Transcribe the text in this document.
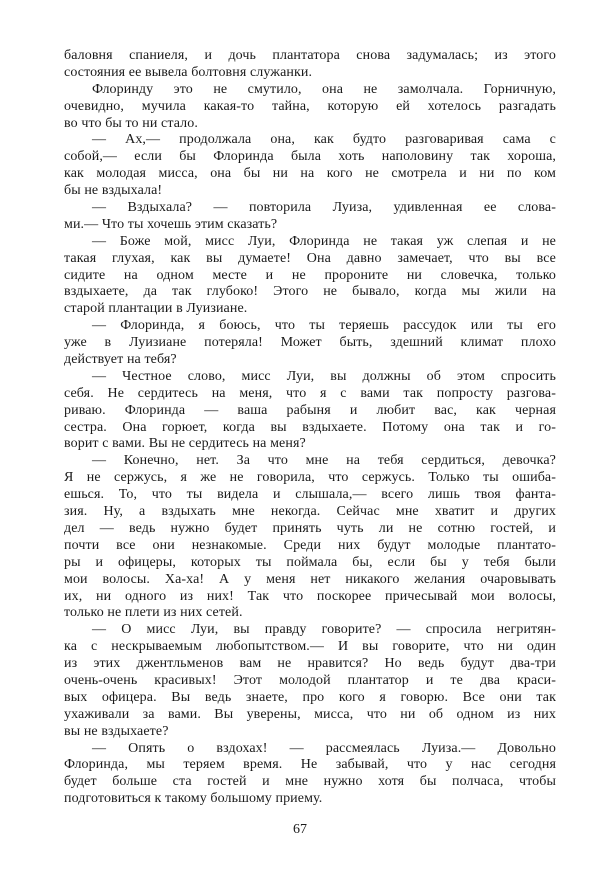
баловня спаниеля, и дочь плантатора снова задумалась; из этого
состояния ее вывела болтовня служанки.
Флоринду это не смутило, она не замолчала. Горничную,
очевидно, мучила какая-то тайна, которую ей хотелось разгадать
во что бы то ни стало.
— Ах,— продолжала она, как будто разговаривая сама с
собой,— если бы Флоринда была хоть наполовину так хороша,
как молодая мисса, она бы ни на кого не смотрела и ни по ком
бы не вздыхала!
— Вздыхала? — повторила Луиза, удивленная ее слова-
ми.— Что ты хочешь этим сказать?
— Боже мой, мисс Луи, Флоринда не такая уж слепая и не
такая глухая, как вы думаете! Она давно замечает, что вы все
сидите на одном месте и не пророните ни словечка, только
вздыхаете, да так глубоко! Этого не бывало, когда мы жили на
старой плантации в Луизиане.
— Флоринда, я боюсь, что ты теряешь рассудок или ты его
уже в Луизиане потеряла! Может быть, здешний климат плохо
действует на тебя?
— Честное слово, мисс Луи, вы должны об этом спросить
себя. Не сердитесь на меня, что я с вами так попросту разгова-
риваю. Флоринда — ваша рабыня и любит вас, как черная
сестра. Она горюет, когда вы вздыхаете. Потому она так и го-
ворит с вами. Вы не сердитесь на меня?
— Конечно, нет. За что мне на тебя сердиться, девочка?
Я не сержусь, я же не говорила, что сержусь. Только ты ошиба-
ешься. То, что ты видела и слышала,— всего лишь твоя фанта-
зия. Ну, а вздыхать мне некогда. Сейчас мне хватит и других
дел — ведь нужно будет принять чуть ли не сотню гостей, и
почти все они незнакомые. Среди них будут молодые плантато-
ры и офицеры, которых ты поймала бы, если бы у тебя были
мои волосы. Ха-ха! А у меня нет никакого желания очаровывать
их, ни одного из них! Так что поскорее причесывай мои волосы,
только не плети из них сетей.
— О мисс Луи, вы правду говорите? — спросила негритян-
ка с нескрываемым любопытством.— И вы говорите, что ни один
из этих джентльменов вам не нравится? Но ведь будут два-три
очень-очень красивых! Этот молодой плантатор и те два краси-
вых офицера. Вы ведь знаете, про кого я говорю. Все они так
ухаживали за вами. Вы уверены, мисса, что ни об одном из них
вы не вздыхаете?
— Опять о вздохах! — рассмеялась Луиза.— Довольно
Флоринда, мы теряем время. Не забывай, что у нас сегодня
будет больше ста гостей и мне нужно хотя бы полчаса, чтобы
подготовиться к такому большому приему.
67
